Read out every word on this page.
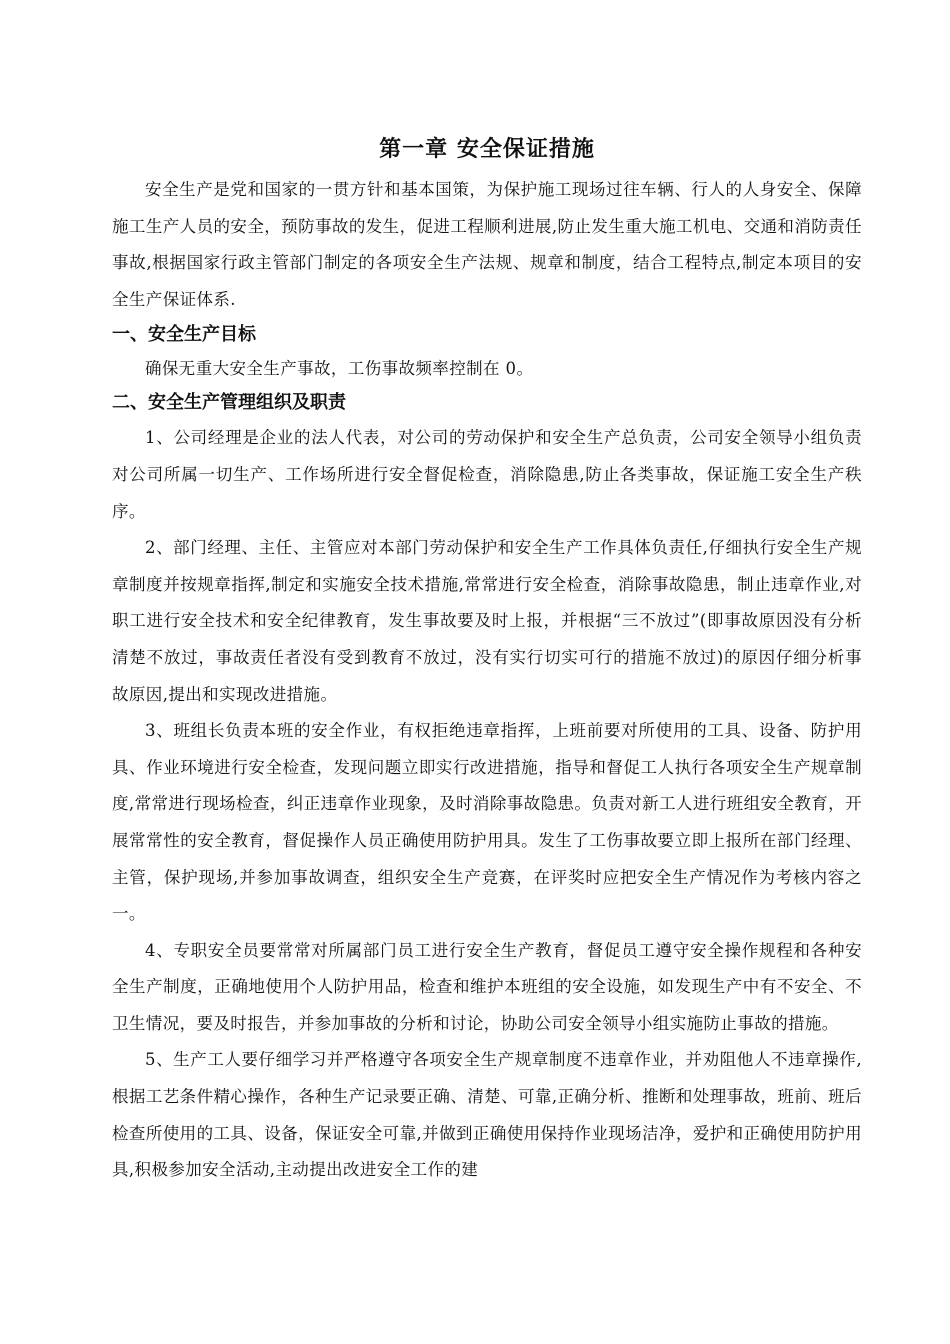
第一章 安全保证措施

安全生产是党和国家的一贯方针和基本国策，为保护施工现场过往车辆、行人的人身安全、保障施工生产人员的安全，预防事故的发生，促进工程顺利进展,防止发生重大施工机电、交通和消防责任事故,根据国家行政主管部门制定的各项安全生产法规、规章和制度，结合工程特点,制定本项目的安全生产保证体系.

一、安全生产目标

确保无重大安全生产事故，工伤事故频率控制在 0。

二、安全生产管理组织及职责

1、公司经理是企业的法人代表，对公司的劳动保护和安全生产总负责，公司安全领导小组负责对公司所属一切生产、工作场所进行安全督促检查，消除隐患,防止各类事故，保证施工安全生产秩序。

2、部门经理、主任、主管应对本部门劳动保护和安全生产工作具体负责任,仔细执行安全生产规章制度并按规章指挥,制定和实施安全技术措施,常常进行安全检查，消除事故隐患，制止违章作业,对职工进行安全技术和安全纪律教育，发生事故要及时上报，并根据“三不放过”(即事故原因没有分析清楚不放过，事故责任者没有受到教育不放过，没有实行切实可行的措施不放过)的原因仔细分析事故原因,提出和实现改进措施。

3、班组长负责本班的安全作业，有权拒绝违章指挥，上班前要对所使用的工具、设备、防护用具、作业环境进行安全检查，发现问题立即实行改进措施，指导和督促工人执行各项安全生产规章制度,常常进行现场检查，纠正违章作业现象，及时消除事故隐患。负责对新工人进行班组安全教育，开展常常性的安全教育，督促操作人员正确使用防护用具。发生了工伤事故要立即上报所在部门经理、主管，保护现场,并参加事故调查，组织安全生产竞赛，在评奖时应把安全生产情况作为考核内容之一。

4、专职安全员要常常对所属部门员工进行安全生产教育，督促员工遵守安全操作规程和各种安全生产制度，正确地使用个人防护用品，检查和维护本班组的安全设施，如发现生产中有不安全、不卫生情况，要及时报告，并参加事故的分析和讨论，协助公司安全领导小组实施防止事故的措施。

5、生产工人要仔细学习并严格遵守各项安全生产规章制度不违章作业，并劝阻他人不违章操作,根据工艺条件精心操作，各种生产记录要正确、清楚、可靠,正确分析、推断和处理事故，班前、班后检查所使用的工具、设备，保证安全可靠,并做到正确使用保持作业现场洁净，爱护和正确使用防护用具,积极参加安全活动,主动提出改进安全工作的建
